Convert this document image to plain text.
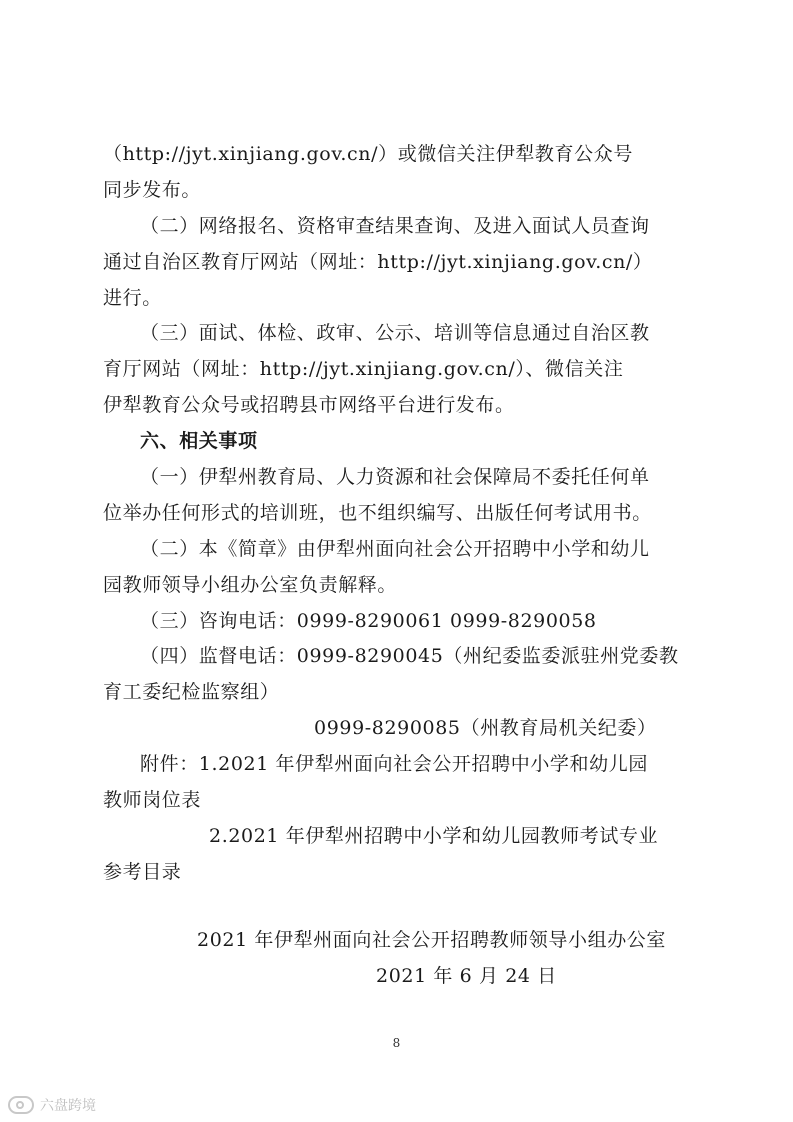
（http://jyt.xinjiang.gov.cn/）或微信关注伊犁教育公众号
同步发布。
（二）网络报名、资格审查结果查询、及进入面试人员查询
通过自治区教育厅网站（网址：http://jyt.xinjiang.gov.cn/）
进行。
（三）面试、体检、政审、公示、培训等信息通过自治区教
育厅网站（网址：http://jyt.xinjiang.gov.cn/）、微信关注
伊犁教育公众号或招聘县市网络平台进行发布。
六、相关事项
（一）伊犁州教育局、人力资源和社会保障局不委托任何单
位举办任何形式的培训班，也不组织编写、出版任何考试用书。
（二）本《简章》由伊犁州面向社会公开招聘中小学和幼儿
园教师领导小组办公室负责解释。
（三）咨询电话：0999-8290061 0999-8290058
（四）监督电话：0999-8290045（州纪委监委派驻州党委教
育工委纪检监察组）
0999-8290085（州教育局机关纪委）
附件：1.2021 年伊犁州面向社会公开招聘中小学和幼儿园
教师岗位表
2.2021 年伊犁州招聘中小学和幼儿园教师考试专业
参考目录
2021 年伊犁州面向社会公开招聘教师领导小组办公室
2021 年 6 月 24 日
8
六盘跨境
